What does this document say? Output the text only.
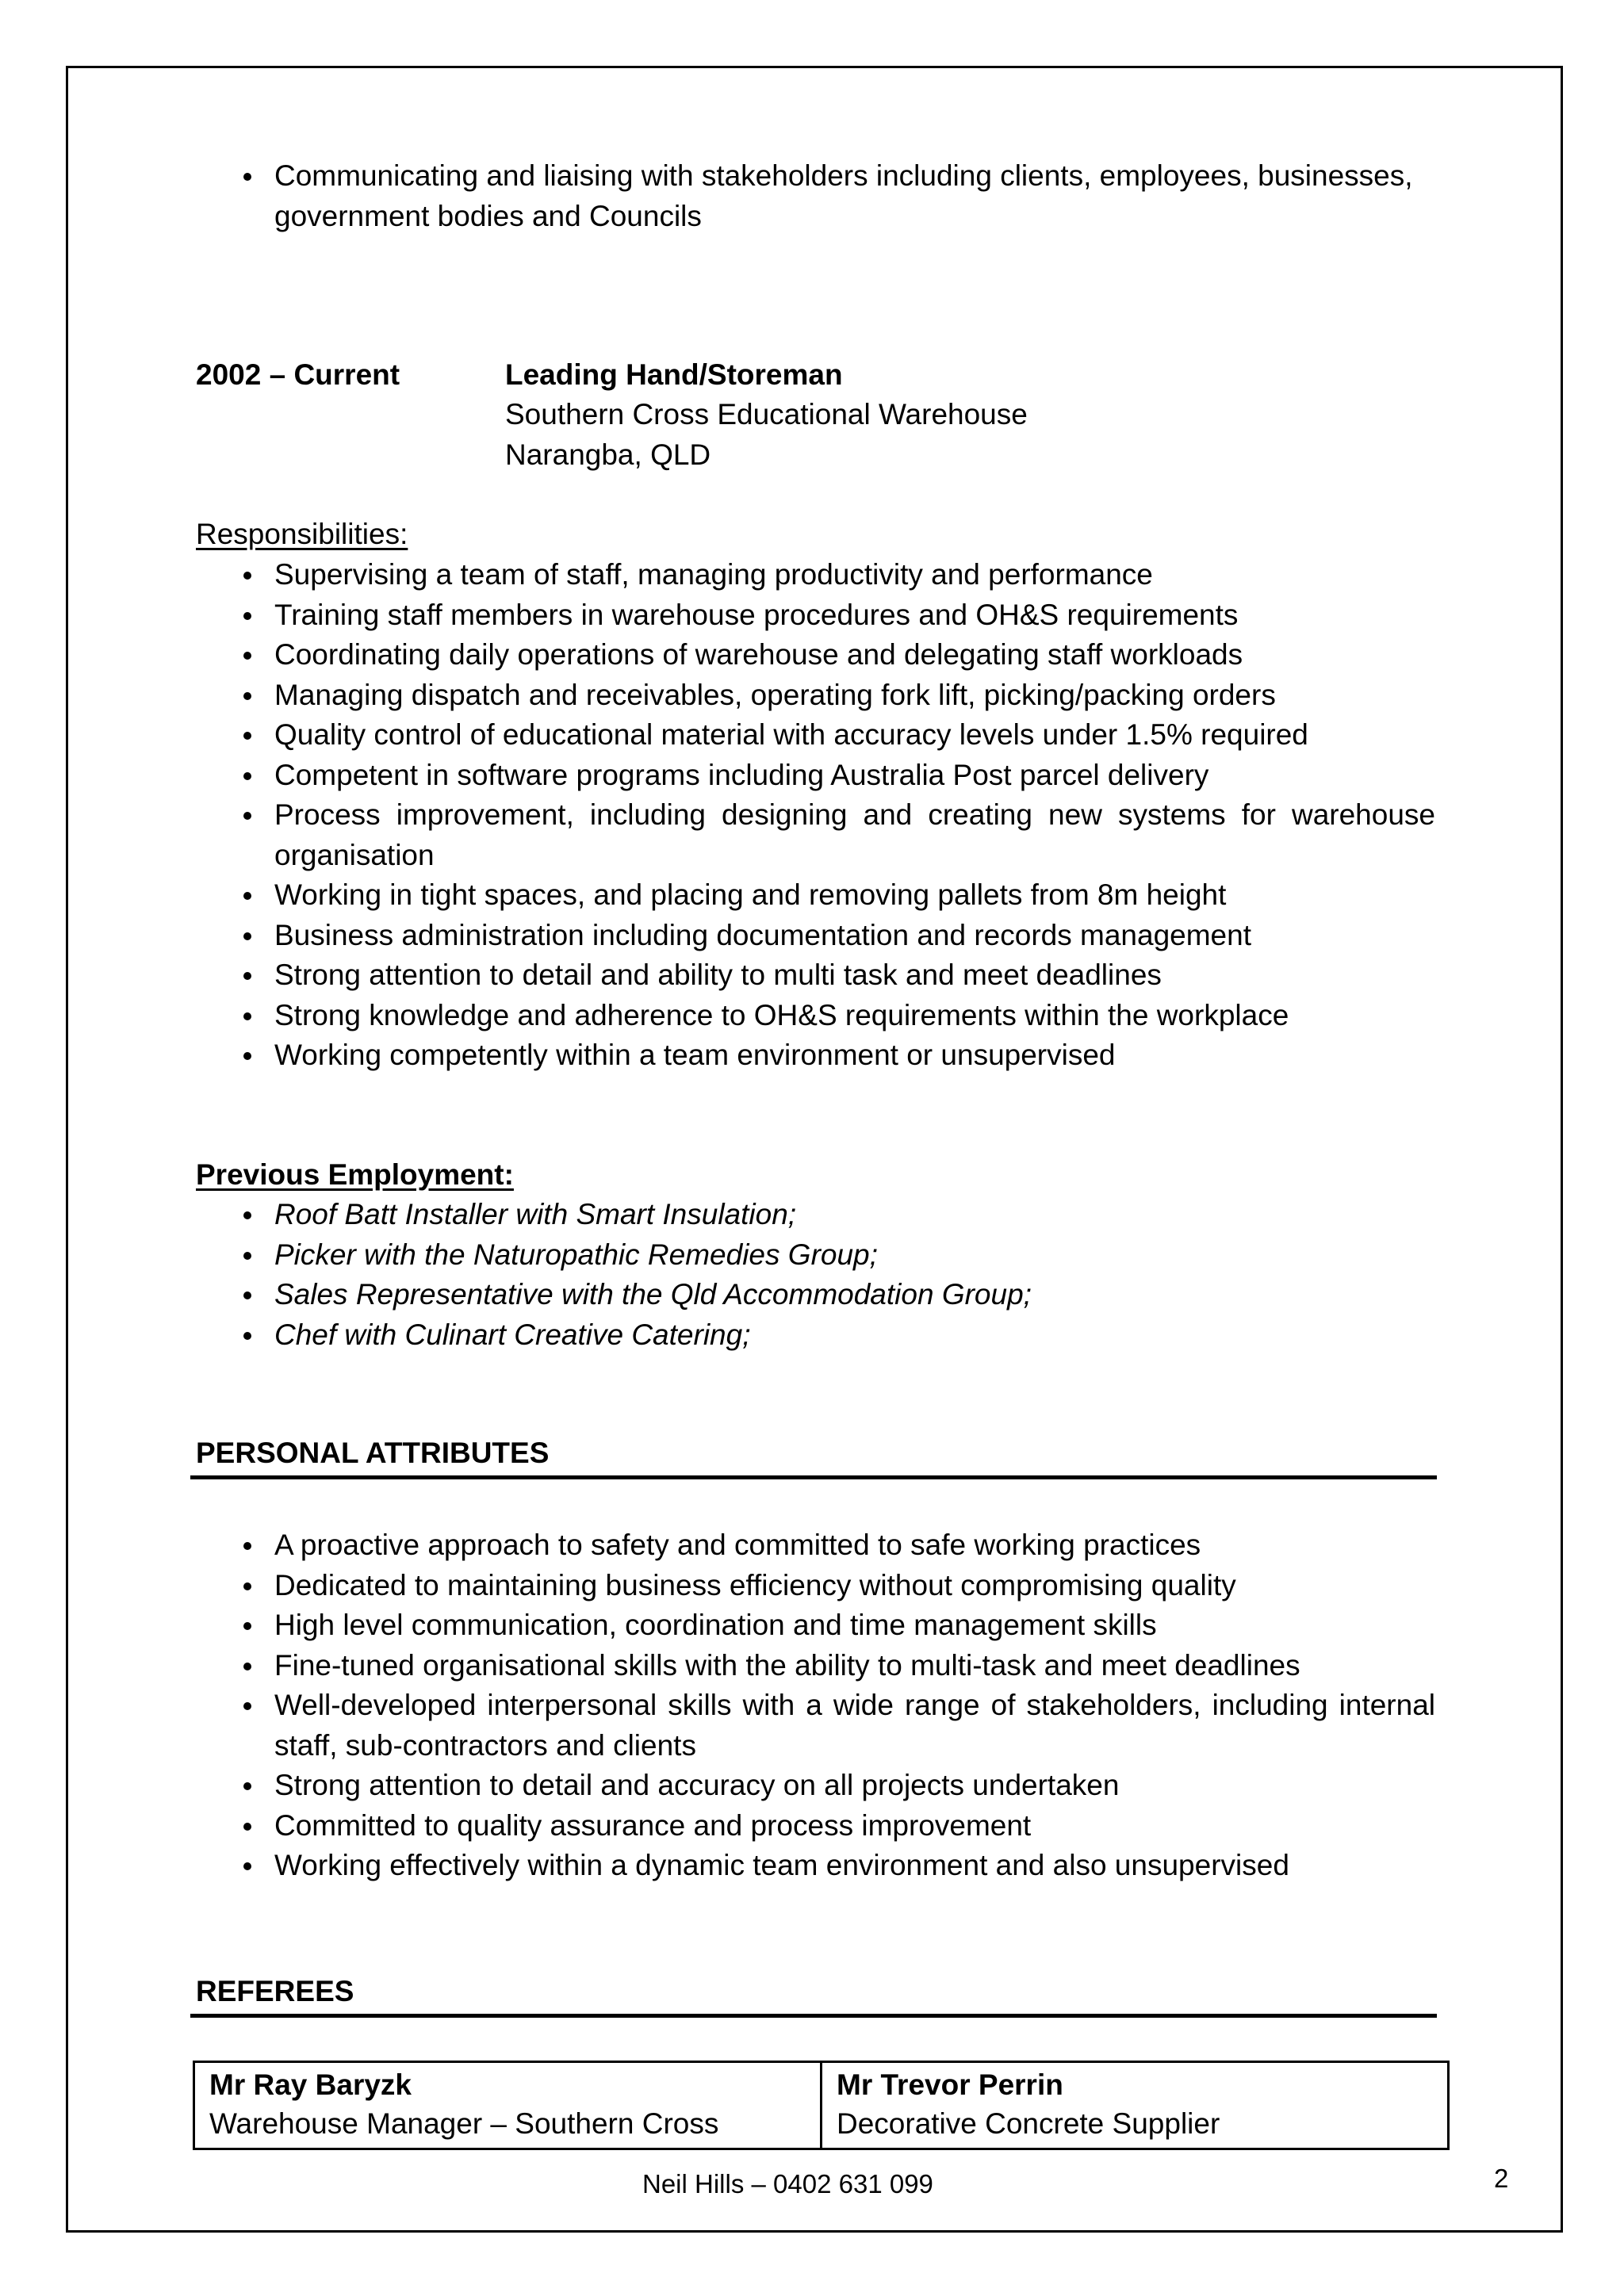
Communicating and liaising with stakeholders including clients, employees, businesses, government bodies and Councils
2002 – Current	Leading Hand/Storeman
Southern Cross Educational Warehouse
Narangba, QLD
Responsibilities:
Supervising a team of staff, managing productivity and performance
Training staff members in warehouse procedures and OH&S requirements
Coordinating daily operations of warehouse and delegating staff workloads
Managing dispatch and receivables, operating fork lift, picking/packing orders
Quality control of educational material with accuracy levels under 1.5% required
Competent in software programs including Australia Post parcel delivery
Process improvement, including designing and creating new systems for warehouse organisation
Working in tight spaces, and placing and removing pallets from 8m height
Business administration including documentation and records management
Strong attention to detail and ability to multi task and meet deadlines
Strong knowledge and adherence to OH&S requirements within the workplace
Working competently within a team environment or unsupervised
Previous Employment:
Roof Batt Installer with Smart Insulation;
Picker with the Naturopathic Remedies Group;
Sales Representative with the Qld Accommodation Group;
Chef with Culinart Creative Catering;
PERSONAL ATTRIBUTES
A proactive approach to safety and committed to safe working practices
Dedicated to maintaining business efficiency without compromising quality
High level communication, coordination and time management skills
Fine-tuned organisational skills with the ability to multi-task and meet deadlines
Well-developed interpersonal skills with a wide range of stakeholders, including internal staff, sub-contractors and clients
Strong attention to detail and accuracy on all projects undertaken
Committed to quality assurance and process improvement
Working effectively within a dynamic team environment and also unsupervised
REFEREES
Mr Ray Baryzk
Warehouse Manager – Southern Cross

Mr Trevor Perrin
Decorative Concrete Supplier
Neil Hills – 0402 631 099	2
